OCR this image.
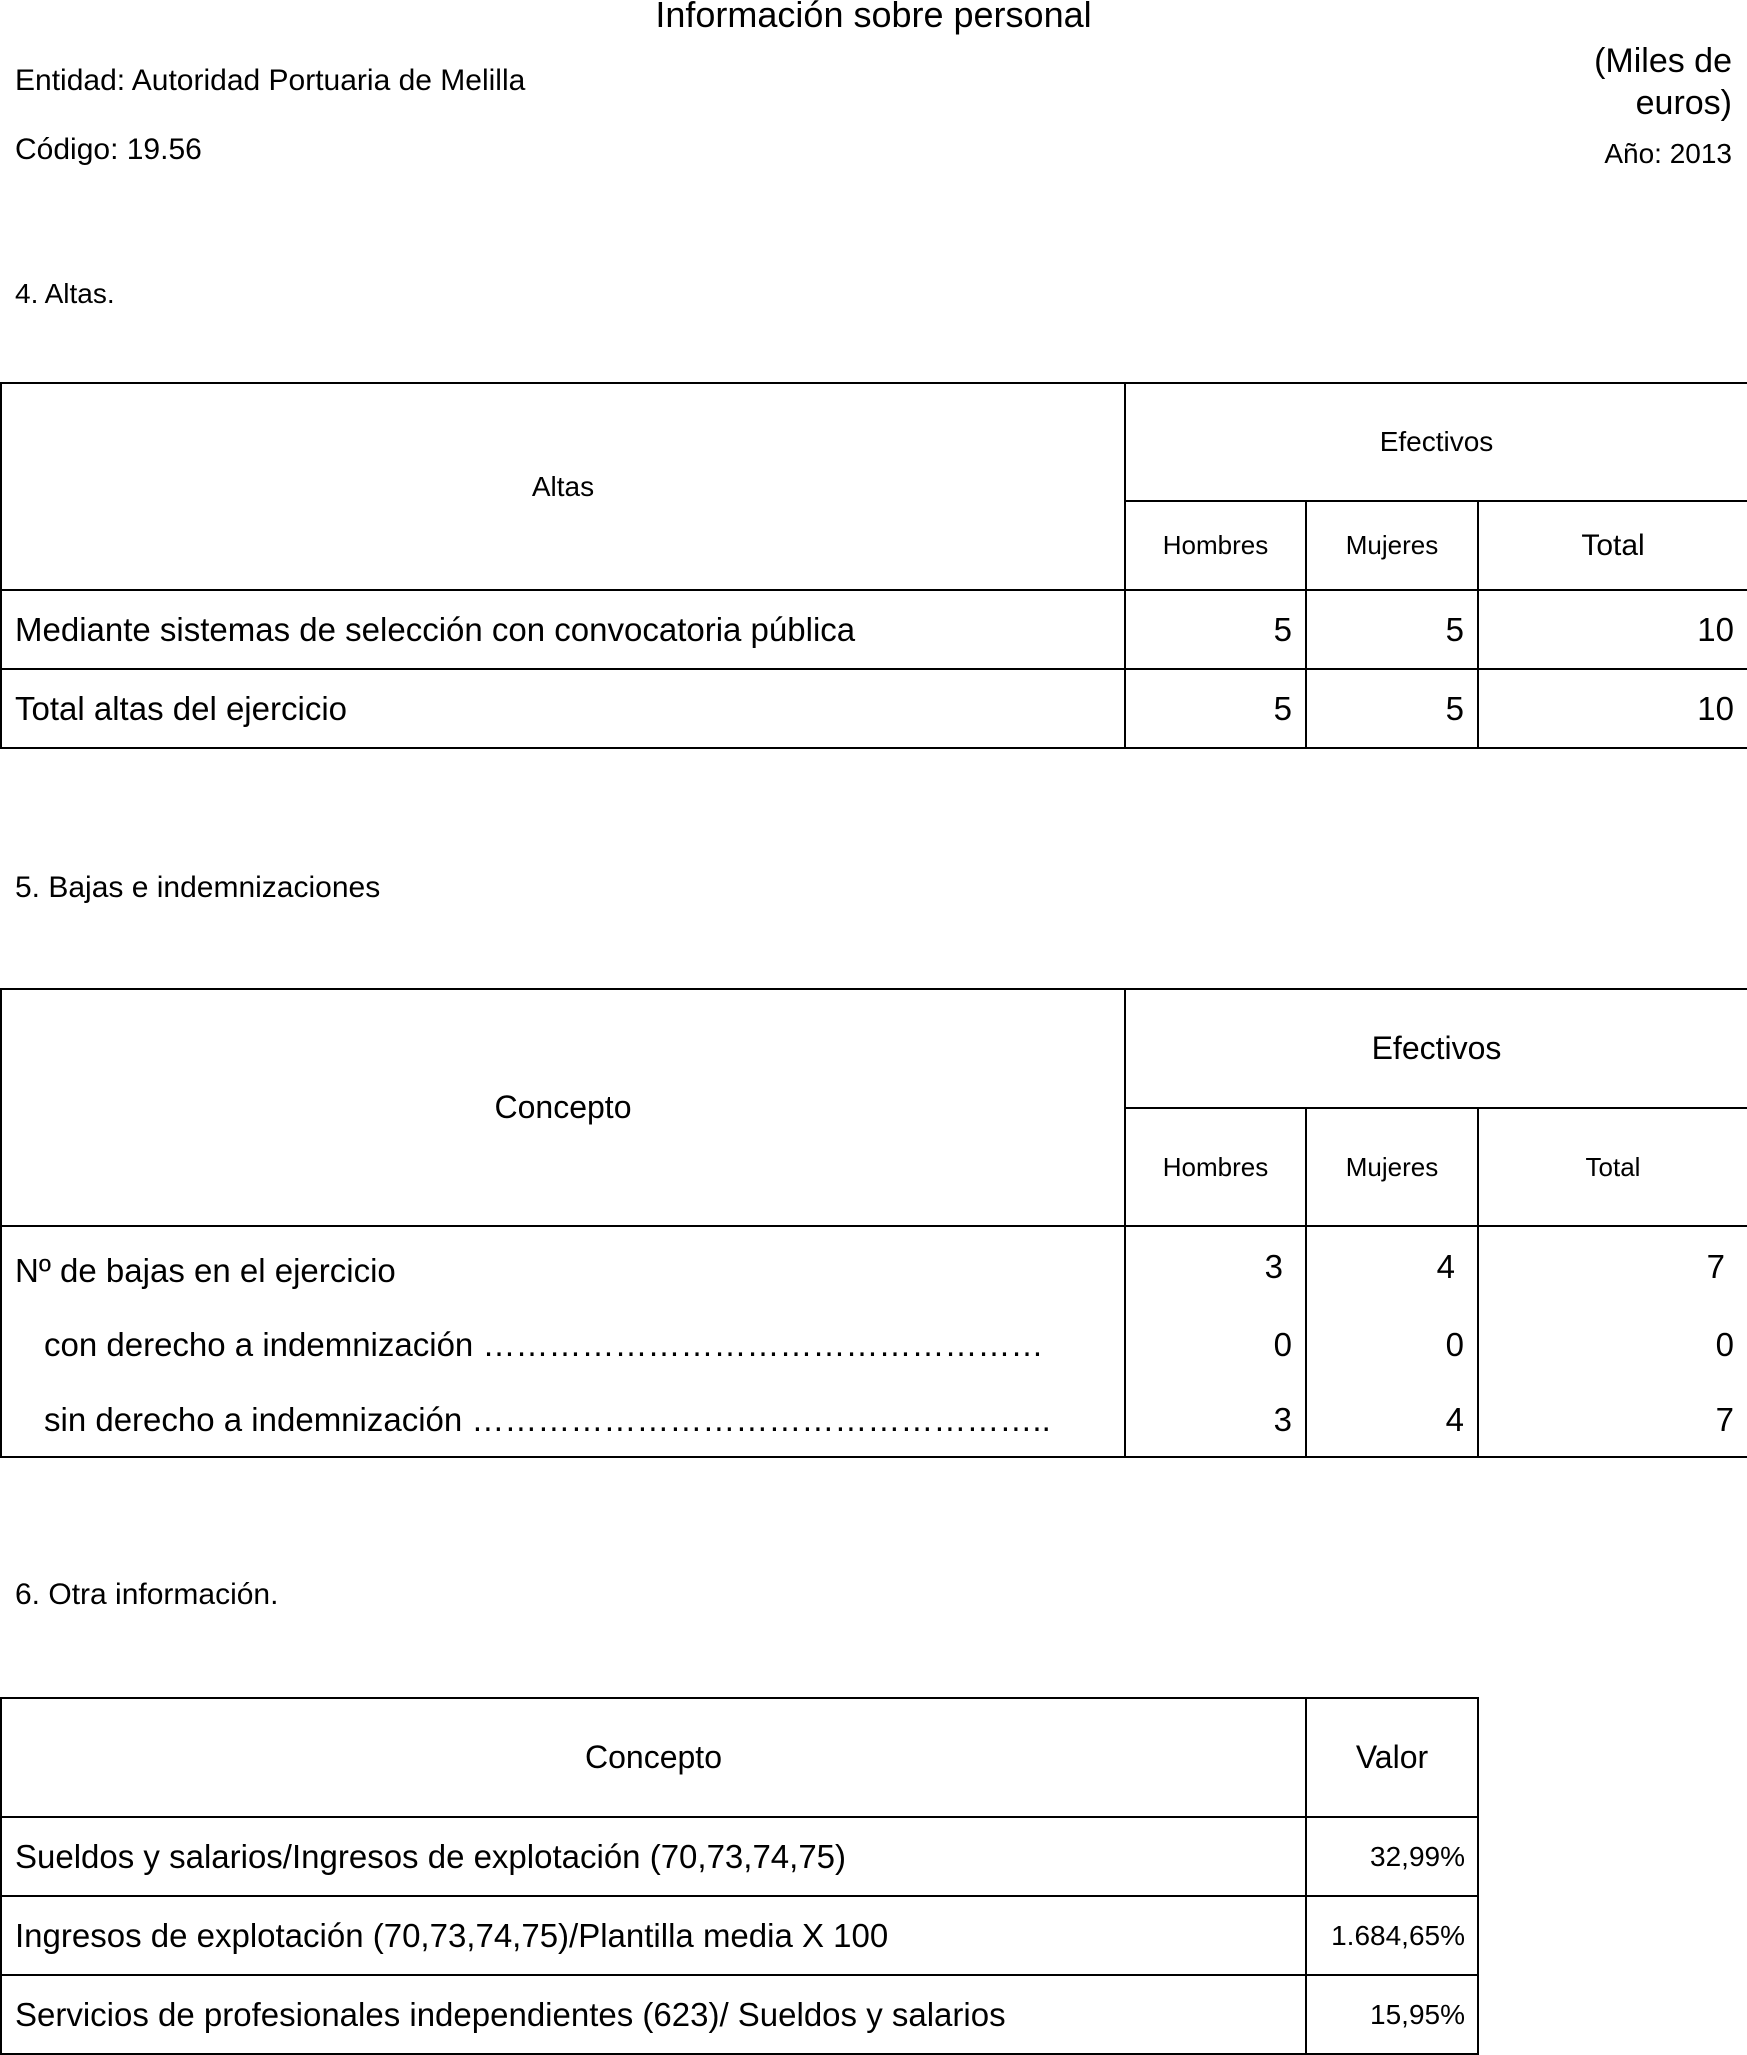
Información sobre personal
Entidad: Autoridad Portuaria de Melilla
Código: 19.56
(Miles de
euros)
Año: 2013
4. Altas.
Altas	Efectivos		
	Hombres	Mujeres	Total
Mediante sistemas de selección con convocatoria pública	5	5	10
Total altas del ejercicio	5	5	10
5. Bajas e indemnizaciones
Concepto	Efectivos		
	Hombres	Mujeres	Total
Nº de bajas en el ejercicio	3	4	7
con derecho a indemnización ……………………………………………	0	0	0
sin derecho a indemnización ……………………………………………..	3	4	7
6. Otra información.
Concepto	Valor
Sueldos y salarios/Ingresos de explotación (70,73,74,75)	32,99%
Ingresos de explotación (70,73,74,75)/Plantilla media X 100	1.684,65%
Servicios de profesionales independientes (623)/ Sueldos y salarios	15,95%
